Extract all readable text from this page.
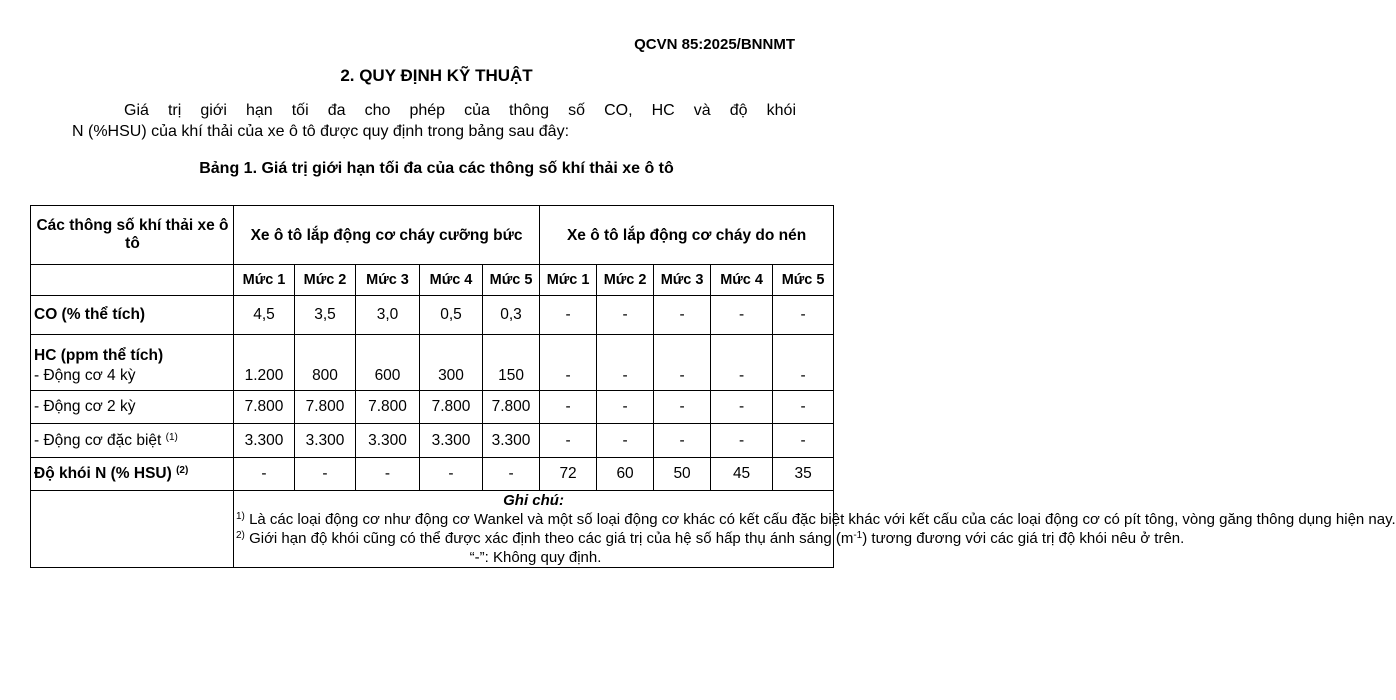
QCVN 85:2025/BNNMT
2. QUY ĐỊNH KỸ THUẬT
Giá trị giới hạn tối đa cho phép của thông số CO, HC và độ khói
N (%HSU) của khí thải của xe ô tô được quy định trong bảng sau đây:
Bảng 1. Giá trị giới hạn tối đa của các thông số khí thải xe ô tô
Các thông số khí thải xe ô tô	Xe ô tô lắp động cơ cháy cưỡng bức					Xe ô tô lắp động cơ cháy do nén				
	Mức 1	Mức 2	Mức 3	Mức 4	Mức 5	Mức 1	Mức 2	Mức 3	Mức 4	Mức 5
CO (% thể tích)	4,5	3,5	3,0	0,5	0,3	-	-	-	-	-

HC (ppm thể tích)
- Động cơ 4 kỳ	1.200	800	600	300	150	-	-	-	-	-
- Động cơ 2 kỳ	7.800	7.800	7.800	7.800	7.800	-	-	-	-	-
- Động cơ đặc biệt $^{(1)}$	3.300	3.300	3.300	3.300	3.300	-	-	-	-	-
Độ khói N (% HSU) $^{(2)}$	-	-	-	-	-	72	60	50	45	35

	Ghi chú:
$^{1)}$ Là các loại động cơ như động cơ Wankel và một số loại động cơ khác có kết cấu đặc biệt khác với kết cấu của các loại động cơ có pít tông, vòng găng thông dụng hiện nay.
$^{2)}$ Giới hạn độ khói cũng có thể được xác định theo các giá trị của hệ số hấp thụ ánh sáng $(m^{-1})$ tương đương với các giá trị độ khói nêu ở trên.
“-”: Không quy định.									
